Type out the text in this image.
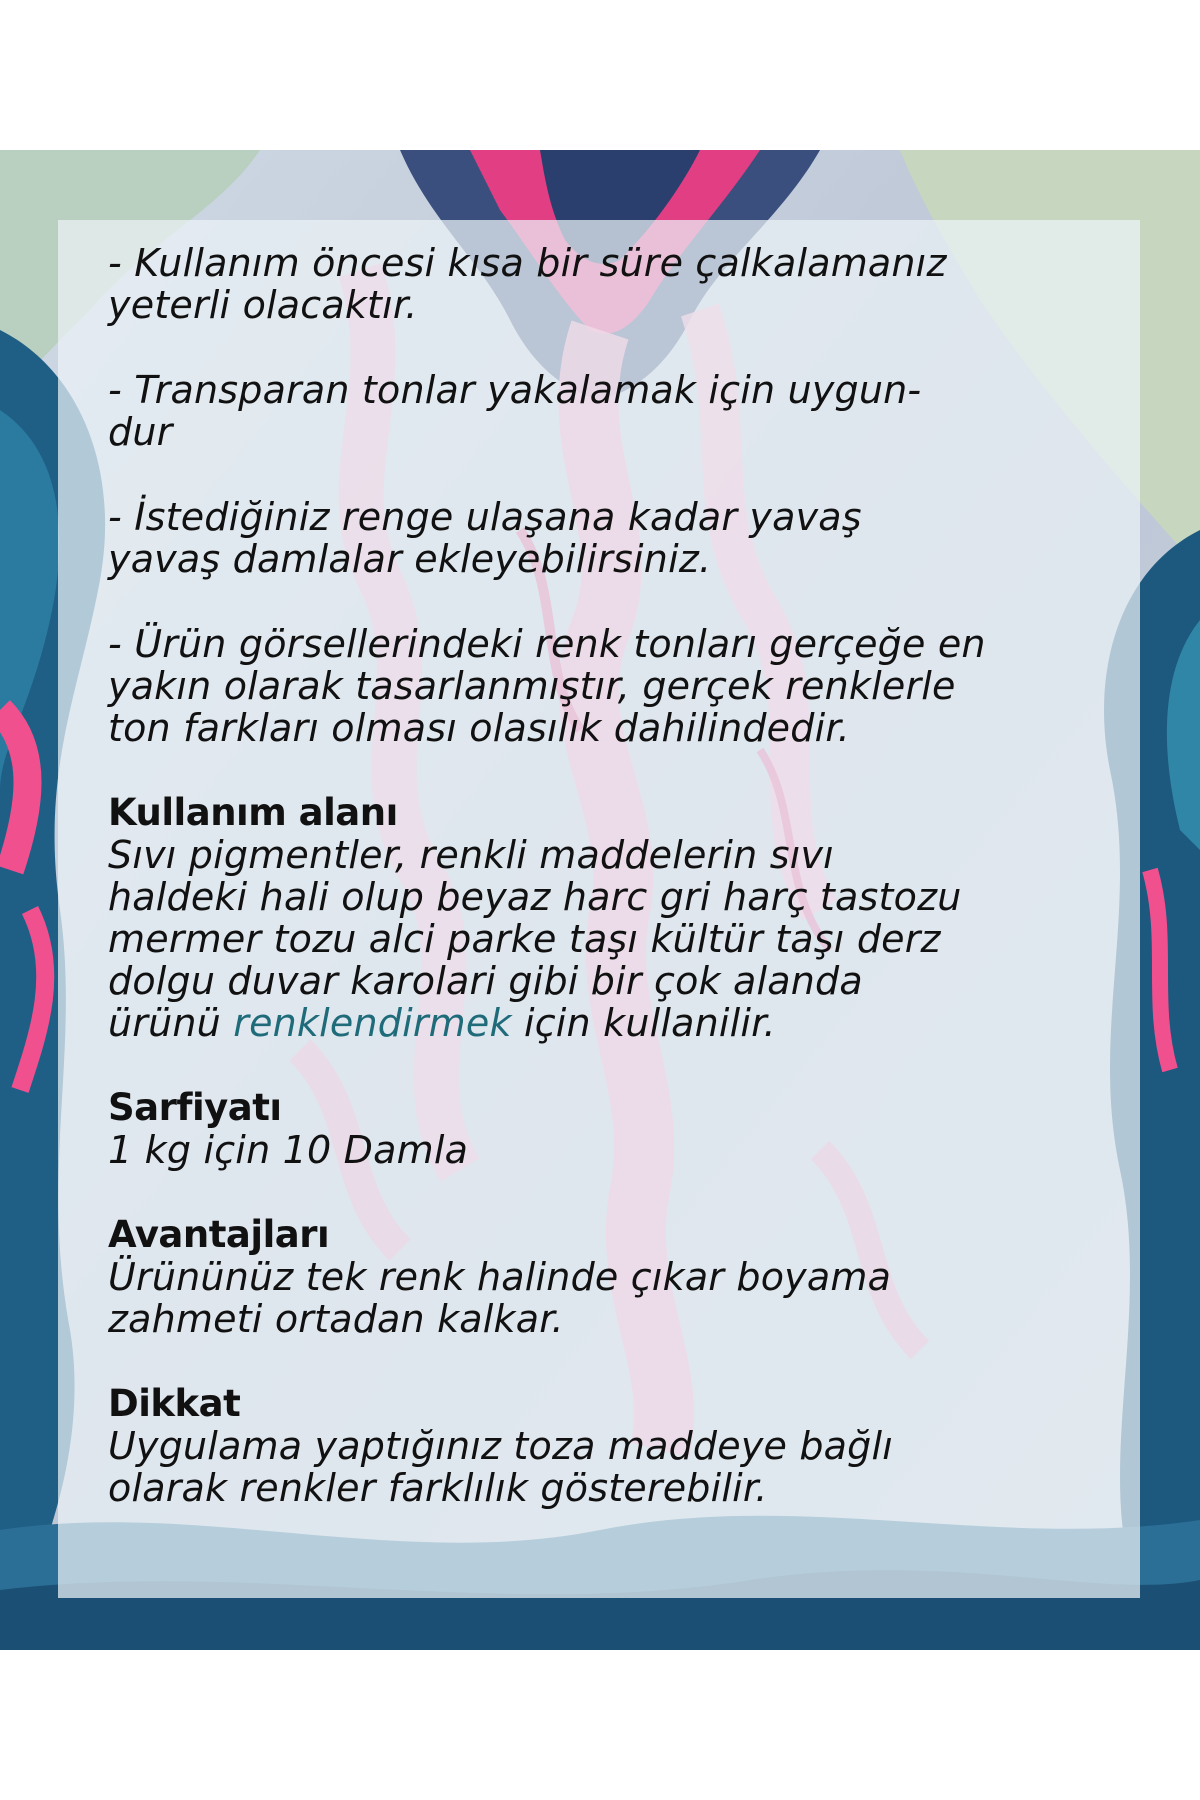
- Kullanım öncesi kısa bir süre çalkalamanız
yeterli olacaktır.

- Transparan tonlar yakalamak için uygun-
dur

- İstediğiniz renge ulaşana kadar yavaş
yavaş damlalar ekleyebilirsiniz.

- Ürün görsellerindeki renk tonları gerçeğe en
yakın olarak tasarlanmıştır, gerçek renklerle
ton farkları olması olasılık dahilindedir.

Kullanım alanı
Sıvı pigmentler, renkli maddelerin sıvı
haldeki hali olup beyaz harc gri harç tastozu
mermer tozu alci parke taşı kültür taşı derz
dolgu duvar karolari gibi bir çok alanda
ürünü renklendirmek için kullanilir.
Sarfiyatı
1 kg için 10 Damla
Avantajları
Ürününüz tek renk halinde çıkar boyama
zahmeti ortadan kalkar.
Dikkat
Uygulama yaptığınız toza maddeye bağlı
olarak renkler farklılık gösterebilir.
